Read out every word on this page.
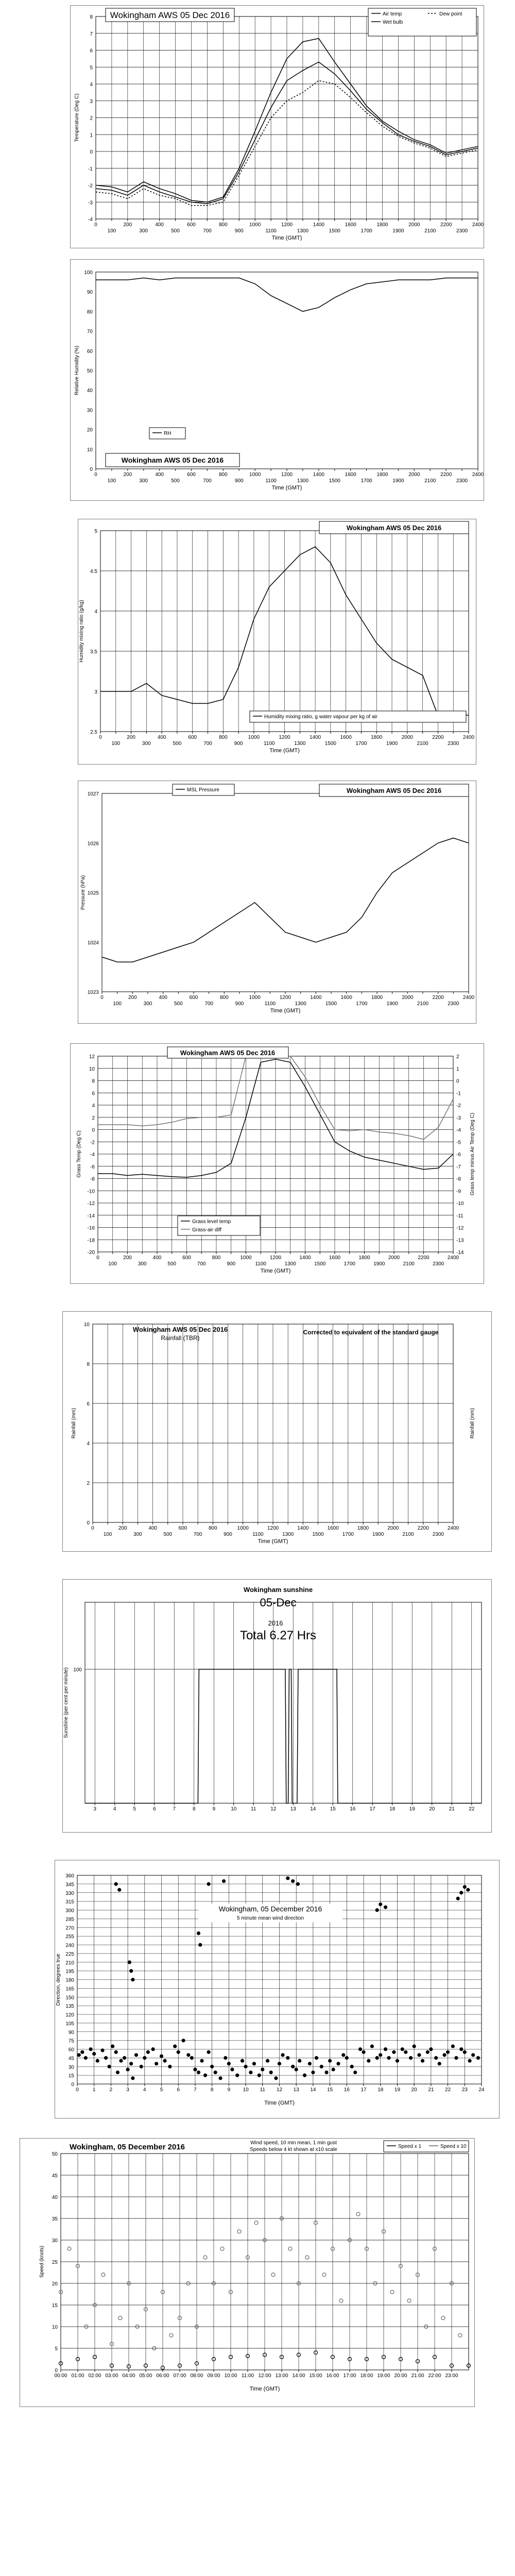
-4
-3
-2
-1
0
1
2
3
4
5
6
7
8
0
100
200
300
400
500
600
700
800
900
1000
1100
1200
1300
1400
1500
1600
1700
1800
1900
2000
2100
2200
2300
2400
Time (GMT)
Temperature (Deg C)
Wokingham AWS 05 Dec 2016	Air temp	Dew point
Wet bulb
0
10
20
30
40
50
60
70
80
90
100
0
100
200
300
400
500
600
700
800
900
1000
1100
1200
1300
1400
1500
1600
1700
1800
1900
2000
2100
2200
2300
2400
Time (GMT)
Relative Humidity (%)
Wokingham AWS 05 Dec 2016
RH
2.5
3
3.5
4
4.5
5
0
100
200
300
400
500
600
700
800
900
1000
1100
1200
1300
1400
1500
1600
1700
1800
1900
2000
2100
2200
2300
2400
Time (GMT)
Humidity mixing ratio (g/kg)
Wokingham AWS 05 Dec 2016
Humidity mixing ratio, g water vapour per kg of air
1023
1024
1025
1026
1027
0
100
200
300
400
500
600
700
800
900
1000
1100
1200
1300
1400
1500
1600
1700
1800
1900
2000
2100
2200
2300
2400
Time (GMT)
Pressure (hPa)
Wokingham AWS 05 Dec 2016
MSL Pressure
-20
-18
-16
-14
-12
-10
-8
-6
-4
-2
0
2
4
6
8
10
12
-14
-13
-12
-11
-10
-9
-8
-7
-6
-5
-4
-3
-2
-1
0
1
2
0
100
200
300
400
500
600
700
800
900
1000
1100
1200
1300
1400
1500
1600
1700
1800
1900
2000
2100
2200
2300
2400
Time (GMT)
Grass Temp (Deg C)	Grass temp minus Air Temp (Deg C)
Wokingham AWS 05 Dec 2016
Grass level temp
Grass-air diff
0
2
4
6
8
10
0
100
200
300
400
500
600
700
800
900
1000
1100
1200
1300
1400
1500
1600
1700
1800
1900
2000
2100
2200
2300
2400
Time (GMT)
Rainfall (mm)	Rainfall (mm)
Wokingham AWS 05 Dec 2016
Rainfall (TBR)
Corrected to equivalent of the standard gauge
100
3	4	5	6	7	8	9	10	11	12	13	14	15	16	17	18	19	20	21	22
Sunshine (per cent per minute)
Wokingham sunshine
05-Dec
2016
Total 6.27 Hrs
0
15
30
45
60
75
90
105
120
135
150
165
180
195
210
225
240
255
270
285
300
315
330
345
360
0	1	2	3	4	5	6	7	8	9 10 11 12 13 14 15 16 17 18 19 20 21 22 23 24
Time (GMT)
Direction, degrees true
Wokingham, 05 December 2016
5 minute mean wind direction
0
5
10
15
20
25
30
35
40
45
50
00:00 01:00 02:00 03:00 04:00 05:00 06:00 07:00 08:00 09:00 10:00 11:00 12:00 13:00 14:00 15:00 16:00 17:00 18:00 19:00 20:00 21:00 22:00 23:00
Time (GMT)
Speed (knots)
Wokingham, 05 December 2016	Wind speed, 10 min mean, 1 min gust
Speeds below 4 kt shown at x10 scale
Speed x 1	Speed x 10
